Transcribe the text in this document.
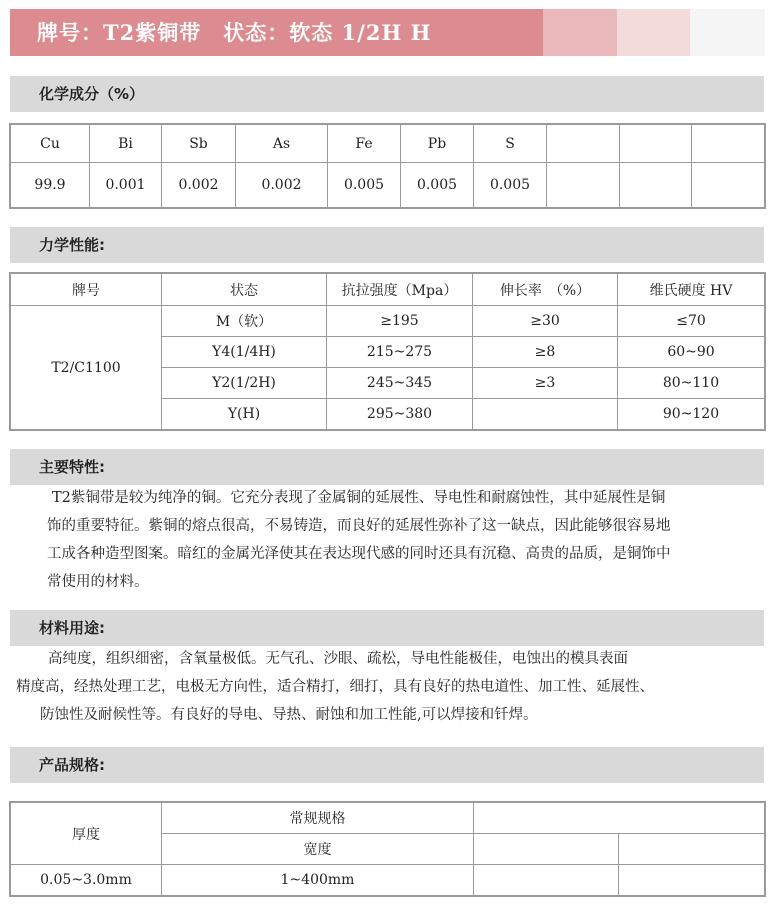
牌号：T2紫铜带　状态：软态 1/2H H
化学成分（%）
Cu	Bi	Sb	As	Fe	Pb	S			
99.9	0.001	0.002	0.002	0.005	0.005	0.005			
力学性能:
牌号	状态	抗拉强度（Mpa）	伸长率　（%）	维氏硬度 HV
T2/C1100	M（软）	≥195	≥30	≤70
	Y4(1/4H)	215~275	≥8	60~90
	Y2(1/2H)	245~345	≥3	80~110
	Y(H)	295~380		90~120
主要特性:
T2紫铜带是较为纯净的铜。它充分表现了金属铜的延展性、导电性和耐腐蚀性，其中延展性是铜
饰的重要特征。紫铜的熔点很高，不易铸造，而良好的延展性弥补了这一缺点，因此能够很容易地
工成各种造型图案。暗红的金属光泽使其在表达现代感的同时还具有沉稳、高贵的品质，是铜饰中
常使用的材料。
材料用途:
高纯度，组织细密，含氧量极低。无气孔、沙眼、疏松，导电性能极佳，电蚀出的模具表面
精度高，经热处理工艺，电极无方向性，适合精打，细打，具有良好的热电道性、加工性、延展性、
防蚀性及耐候性等。有良好的导电、导热、耐蚀和加工性能,可以焊接和钎焊。
产品规格:
厚度	常规规格		
	宽度		
0.05~3.0mm	1~400mm		
